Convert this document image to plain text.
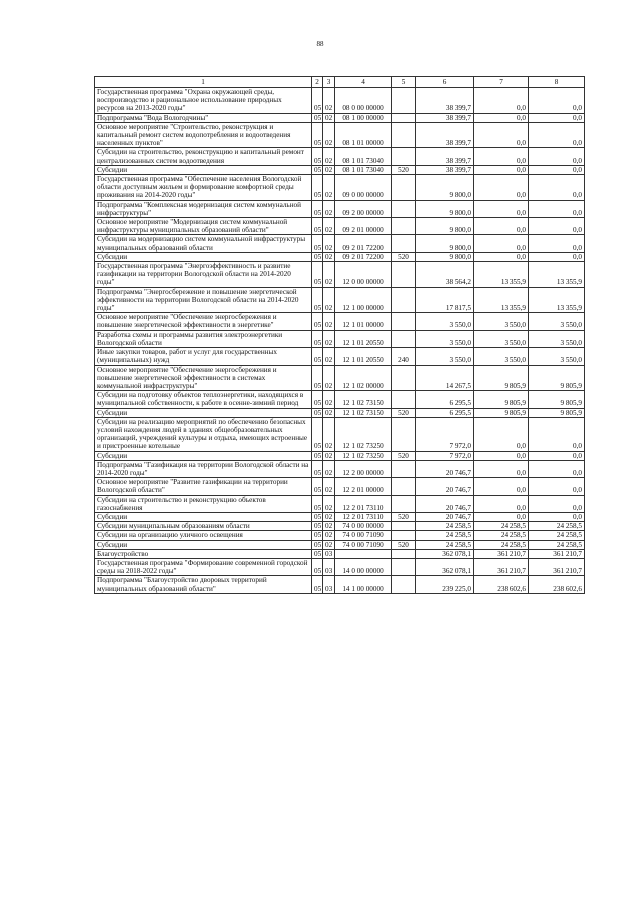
88
1	2	3	4	5	6	7	8
Государственная программа "Охрана окружающей среды, воспроизводство и рациональное использование природных ресурсов на 2013-2020 годы"	05	02	08 0 00 00000		38 399,7	0,0	0,0
Подпрограмма "Вода Вологодчины"	05	02	08 1 00 00000		38 399,7	0,0	0,0
Основное мероприятие "Строительство, реконструкция и капитальный ремонт систем водопотребления и водоотведения населенных пунктов"	05	02	08 1 01 00000		38 399,7	0,0	0,0
Субсидии на строительство, реконструкцию и капитальный ремонт централизованных систем водоотведения	05	02	08 1 01 73040		38 399,7	0,0	0,0
Субсидии	05	02	08 1 01 73040	520	38 399,7	0,0	0,0
Государственная программа "Обеспечение населения Вологодской области доступным жильем и формирование комфортной среды проживания на 2014-2020 годы"	05	02	09 0 00 00000		9 800,0	0,0	0,0
Подпрограмма "Комплексная модернизация систем коммунальной инфраструктуры"	05	02	09 2 00 00000		9 800,0	0,0	0,0
Основное мероприятие "Модернизация систем коммунальной инфраструктуры муниципальных образований области"	05	02	09 2 01 00000		9 800,0	0,0	0,0
Субсидии на модернизацию систем коммунальной инфраструктуры муниципальных образований области	05	02	09 2 01 72200		9 800,0	0,0	0,0
Субсидии	05	02	09 2 01 72200	520	9 800,0	0,0	0,0
Государственная программа "Энергоэффективность и развитие газификации на территории Вологодской области на 2014-2020 годы"	05	02	12 0 00 00000		38 564,2	13 355,9	13 355,9
Подпрограмма "Энергосбережение и повышение энергетической эффективности на территории Вологодской области на 2014-2020 годы"	05	02	12 1 00 00000		17 817,5	13 355,9	13 355,9
Основное мероприятие "Обеспечение энергосбережения и повышение энергетической эффективности в энергетике"	05	02	12 1 01 00000		3 550,0	3 550,0	3 550,0
Разработка схемы и программы развития электроэнергетики Вологодской области	05	02	12 1 01 20550		3 550,0	3 550,0	3 550,0
Иные закупки товаров, работ и услуг для государственных (муниципальных) нужд	05	02	12 1 01 20550	240	3 550,0	3 550,0	3 550,0
Основное мероприятие "Обеспечение энергосбережения и повышение энергетической эффективности в системах коммунальной инфраструктуры"	05	02	12 1 02 00000		14 267,5	9 805,9	9 805,9
Субсидии на подготовку объектов теплоэнергетики, находящихся в муниципальной собственности, к работе в осенне-зимний период	05	02	12 1 02 73150		6 295,5	9 805,9	9 805,9
Субсидии	05	02	12 1 02 73150	520	6 295,5	9 805,9	9 805,9
Субсидии на реализацию мероприятий по обеспечению безопасных условий нахождения людей в зданиях общеобразовательных организаций, учреждений культуры и отдыха, имеющих встроенные и пристроенные котельные	05	02	12 1 02 73250		7 972,0	0,0	0,0
Субсидии	05	02	12 1 02 73250	520	7 972,0	0,0	0,0
Подпрограмма "Газификация на территории Вологодской области на 2014-2020 годы"	05	02	12 2 00 00000		20 746,7	0,0	0,0
Основное мероприятие "Развитие газификации на территории Вологодской области"	05	02	12 2 01 00000		20 746,7	0,0	0,0
Субсидии на строительство и реконструкцию объектов газоснабжения	05	02	12 2 01 73110		20 746,7	0,0	0,0
Субсидии	05	02	12 2 01 73110	520	20 746,7	0,0	0,0
Субсидии муниципальным образованиям области	05	02	74 0 00 00000		24 258,5	24 258,5	24 258,5
Субсидии на организацию уличного освещения	05	02	74 0 00 71090		24 258,5	24 258,5	24 258,5
Субсидии	05	02	74 0 00 71090	520	24 258,5	24 258,5	24 258,5
Благоустройство	05	03			362 078,1	361 210,7	361 210,7
Государственная программа "Формирование современной городской среды на 2018-2022 годы"	05	03	14 0 00 00000		362 078,1	361 210,7	361 210,7
Подпрограмма "Благоустройство дворовых территорий муниципальных образований области"	05	03	14 1 00 00000		239 225,0	238 602,6	238 602,6
